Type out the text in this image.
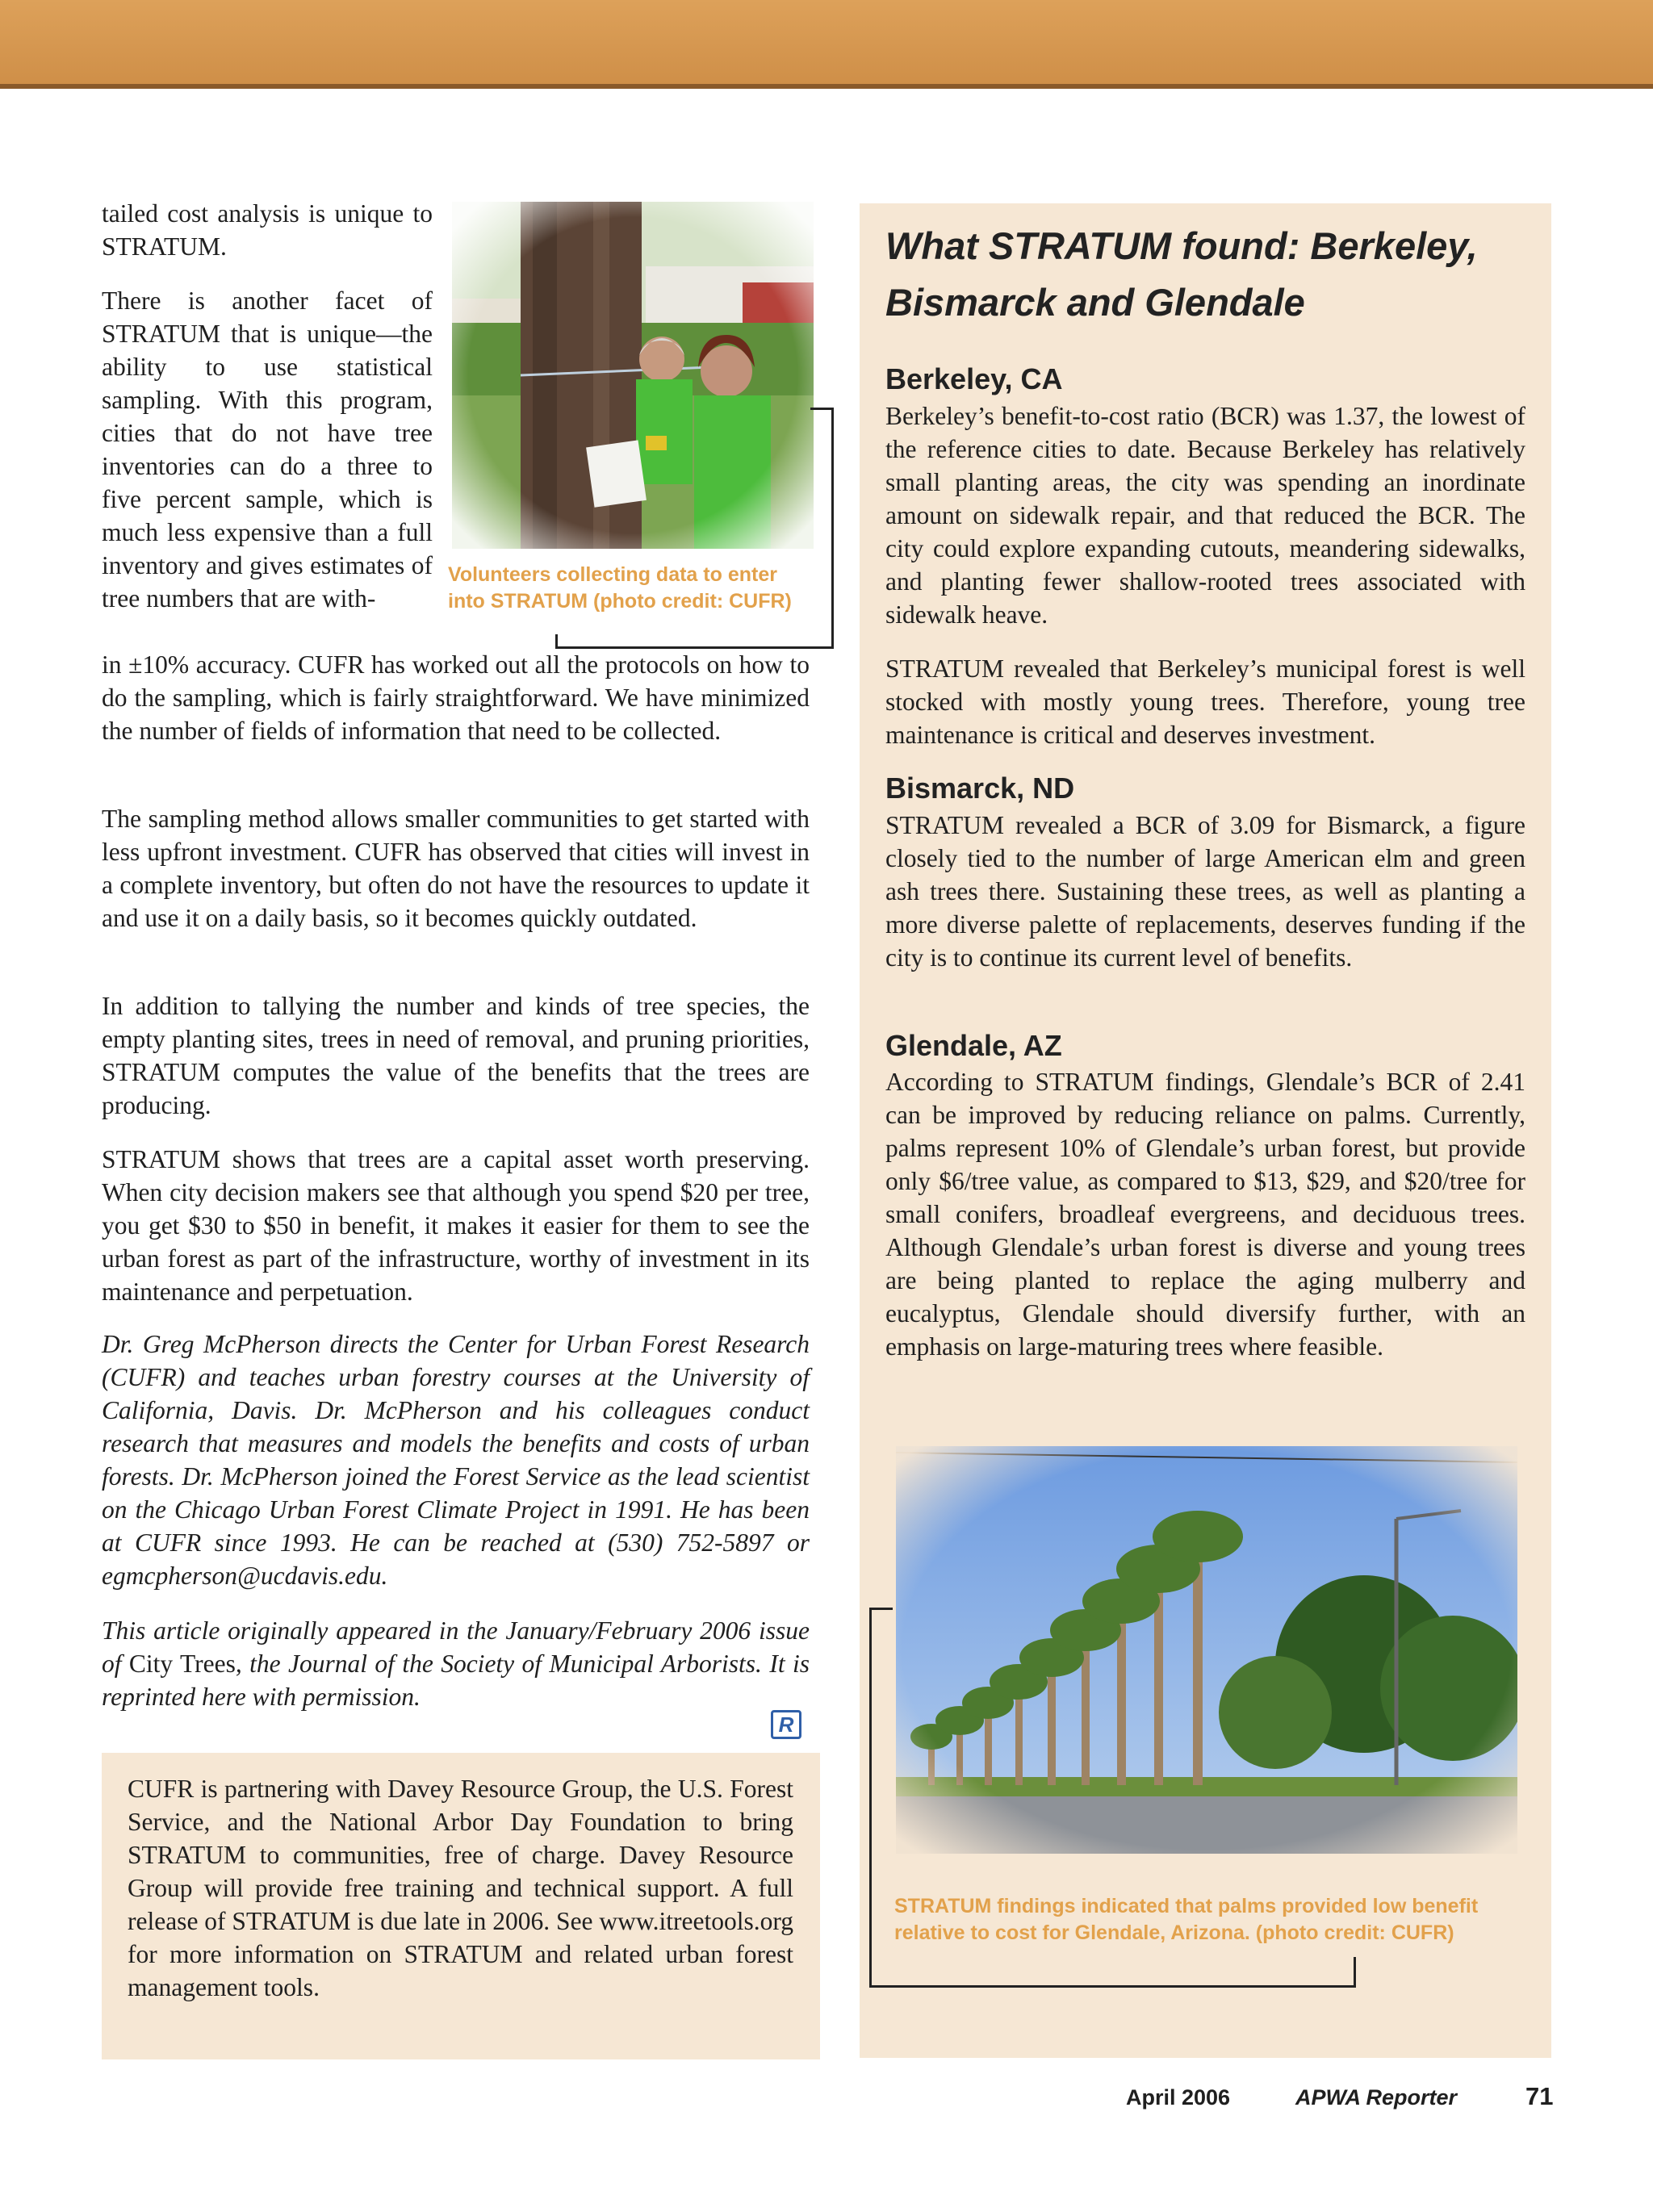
tailed cost analysis is unique to STRATUM.

There is another facet of STRATUM that is unique—the ability to use statistical sampling. With this program, cities that do not have tree inventories can do a three to five percent sample, which is much less expensive than a full inventory and gives estimates of tree numbers that are with-

in ±10% accuracy. CUFR has worked out all the protocols on how to do the sampling, which is fairly straightforward. We have minimized the number of fields of information that need to be collected.

The sampling method allows smaller communities to get started with less upfront investment. CUFR has observed that cities will invest in a complete inventory, but often do not have the resources to update it and use it on a daily basis, so it becomes quickly outdated.

In addition to tallying the number and kinds of tree species, the empty planting sites, trees in need of removal, and pruning priorities, STRATUM computes the value of the benefits that the trees are producing.

STRATUM shows that trees are a capital asset worth preserving. When city decision makers see that although you spend $20 per tree, you get $30 to $50 in benefit, it makes it easier for them to see the urban forest as part of the infrastructure, worthy of investment in its maintenance and perpetuation.

Dr. Greg McPherson directs the Center for Urban Forest Research (CUFR) and teaches urban forestry courses at the University of California, Davis. Dr. McPherson and his colleagues conduct research that measures and models the benefits and costs of urban forests. Dr. McPherson joined the Forest Service as the lead scientist on the Chicago Urban Forest Climate Project in 1991. He has been at CUFR since 1993. He can be reached at (530) 752-5897 or egmcpherson@ucdavis.edu.

This article originally appeared in the January/February 2006 issue of City Trees, the Journal of the Society of Municipal Arborists. It is reprinted here with permission.

R

Volunteers collecting data to enter into STRATUM (photo credit: CUFR)

CUFR is partnering with Davey Resource Group, the U.S. Forest Service, and the National Arbor Day Foundation to bring STRATUM to communities, free of charge. Davey Resource Group will provide free training and technical support. A full release of STRATUM is due late in 2006. See www.itreetools.org for more information on STRATUM and related urban forest management tools.

What STRATUM found: Berkeley, Bismarck and Glendale
Berkeley, CA

Berkeley’s benefit-to-cost ratio (BCR) was 1.37, the lowest of the reference cities to date. Because Berkeley has relatively small planting areas, the city was spending an inordinate amount on sidewalk repair, and that reduced the BCR. The city could explore expanding cutouts, meandering sidewalks, and planting fewer shallow-rooted trees associated with sidewalk heave.

STRATUM revealed that Berkeley’s municipal forest is well stocked with mostly young trees. Therefore, young tree maintenance is critical and deserves investment.

Bismarck, ND

STRATUM revealed a BCR of 3.09 for Bismarck, a figure closely tied to the number of large American elm and green ash trees there. Sustaining these trees, as well as planting a more diverse palette of replacements, deserves funding if the city is to continue its current level of benefits.

Glendale, AZ

According to STRATUM findings, Glendale’s BCR of 2.41 can be improved by reducing reliance on palms. Currently, palms represent 10% of Glendale’s urban forest, but provide only $6/tree value, as compared to $13, $29, and $20/tree for small conifers, broadleaf evergreens, and deciduous trees. Although Glendale’s urban forest is diverse and young trees are being planted to replace the aging mulberry and eucalyptus, Glendale should diversify further, with an emphasis on large-maturing trees where feasible.

STRATUM findings indicated that palms provided low benefit relative to cost for Glendale, Arizona. (photo credit: CUFR)

April 2006	APWA Reporter	71
